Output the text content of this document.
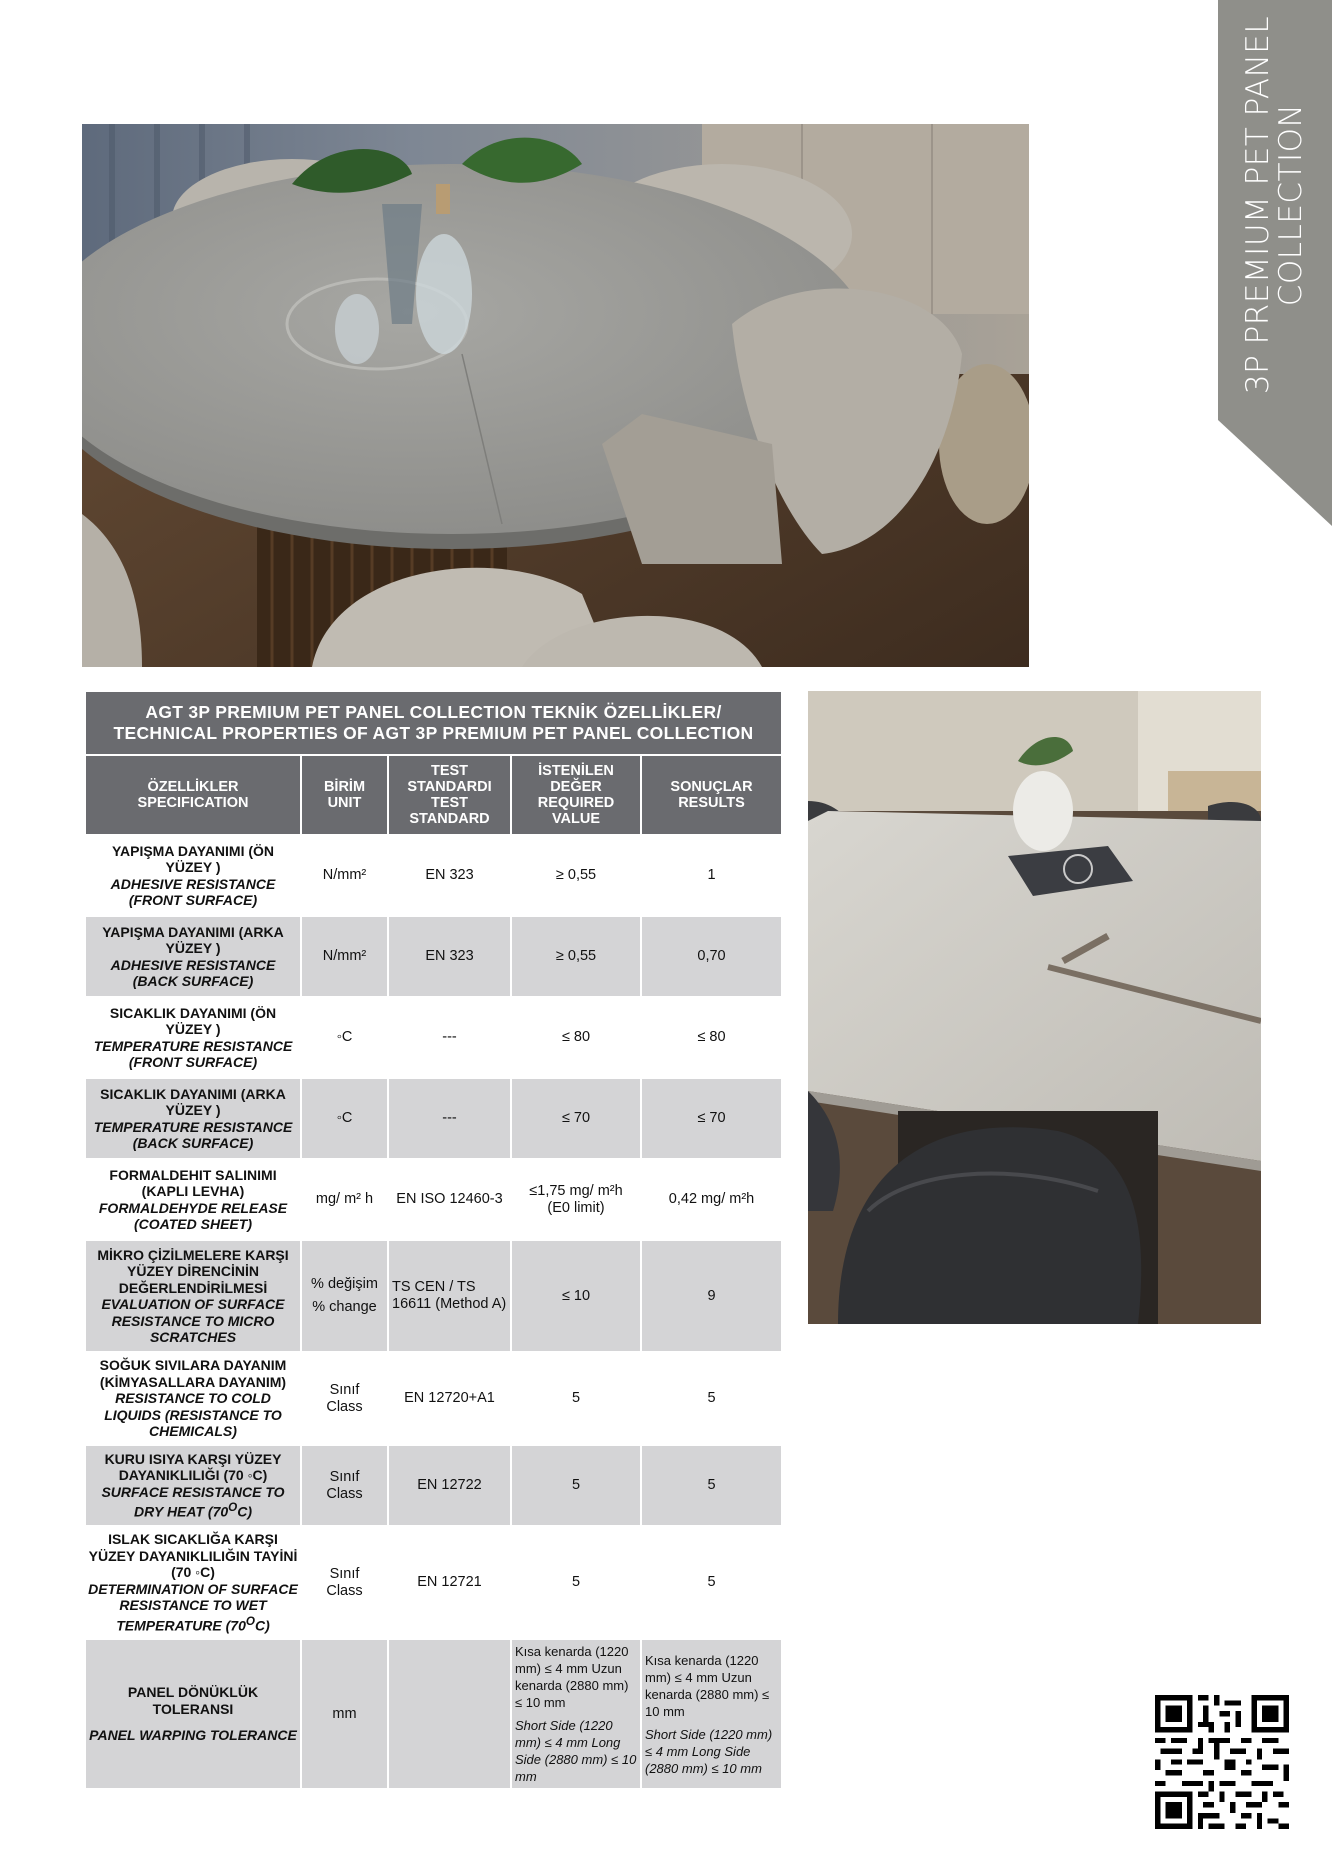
3P PREMIUM PET PANEL
COLLECTION
AGT 3P PREMIUM PET PANEL COLLECTION TEKNİK ÖZELLİKLER/
TECHNICAL PROPERTIES OF AGT 3P PREMIUM PET PANEL COLLECTION				
ÖZELLİKLER
SPECIFICATION	BİRİM
UNIT	TEST
STANDARDI
TEST
STANDARD	İSTENİLEN
DEĞER
REQUIRED
VALUE	SONUÇLAR
RESULTS

YAPIŞMA DAYANIMI (ÖN YÜZEY )
ADHESIVE RESISTANCE (FRONT SURFACE)	N/mm²	EN 323	≥ 0,55	1

YAPIŞMA DAYANIMI (ARKA YÜZEY )
ADHESIVE RESISTANCE (BACK SURFACE)	N/mm²	EN 323	≥ 0,55	0,70

SICAKLIK DAYANIMI (ÖN YÜZEY )
TEMPERATURE RESISTANCE (FRONT SURFACE)	◦C	---	≤ 80	≤ 80

SICAKLIK DAYANIMI (ARKA YÜZEY )
TEMPERATURE RESISTANCE (BACK SURFACE)	◦C	---	≤ 70	≤ 70

FORMALDEHIT SALINIMI (KAPLI LEVHA)
FORMALDEHYDE RELEASE (COATED SHEET)	mg/ m² h	EN ISO 12460-3	≤1,75 mg/ m²h
(E0 limit)	0,42 mg/ m²h

MİKRO ÇİZİLMELERE KARŞI YÜZEY DİRENCİNİN DEĞERLENDİRİLMESİ
EVALUATION OF SURFACE RESISTANCE TO MICRO SCRATCHES	% değişim
% change	TS CEN / TS 16611 (Method A)	≤ 10	9

SOĞUK SIVILARA DAYANIM (KİMYASALLARA DAYANIM)
RESISTANCE TO COLD LIQUIDS (RESISTANCE TO CHEMICALS)	Sınıf
Class	EN 12720+A1	5	5

KURU ISIYA KARŞI YÜZEY DAYANIKLILIĞI (70 ◦C)
SURFACE RESISTANCE TO DRY HEAT $(70^OC)$	Sınıf
Class	EN 12722	5	5

ISLAK SICAKLIĞA KARŞI YÜZEY DAYANIKLILIĞIN TAYİNİ (70 ◦C)
DETERMINATION OF SURFACE RESISTANCE TO WET TEMPERATURE $(70^OC)$	Sınıf
Class	EN 12721	5	5

PANEL DÖNÜKLÜK TOLERANSI
PANEL WARPING TOLERANCE	mm		Kısa kenarda (1220 mm) ≤ 4 mm Uzun kenarda (2880 mm) ≤ 10 mm
Short Side (1220 mm) ≤ 4 mm Long Side (2880 mm) ≤ 10 mm	Kısa kenarda (1220 mm) ≤ 4 mm Uzun kenarda (2880 mm) ≤ 10 mm
Short Side (1220 mm) ≤ 4 mm Long Side (2880 mm) ≤ 10 mm
